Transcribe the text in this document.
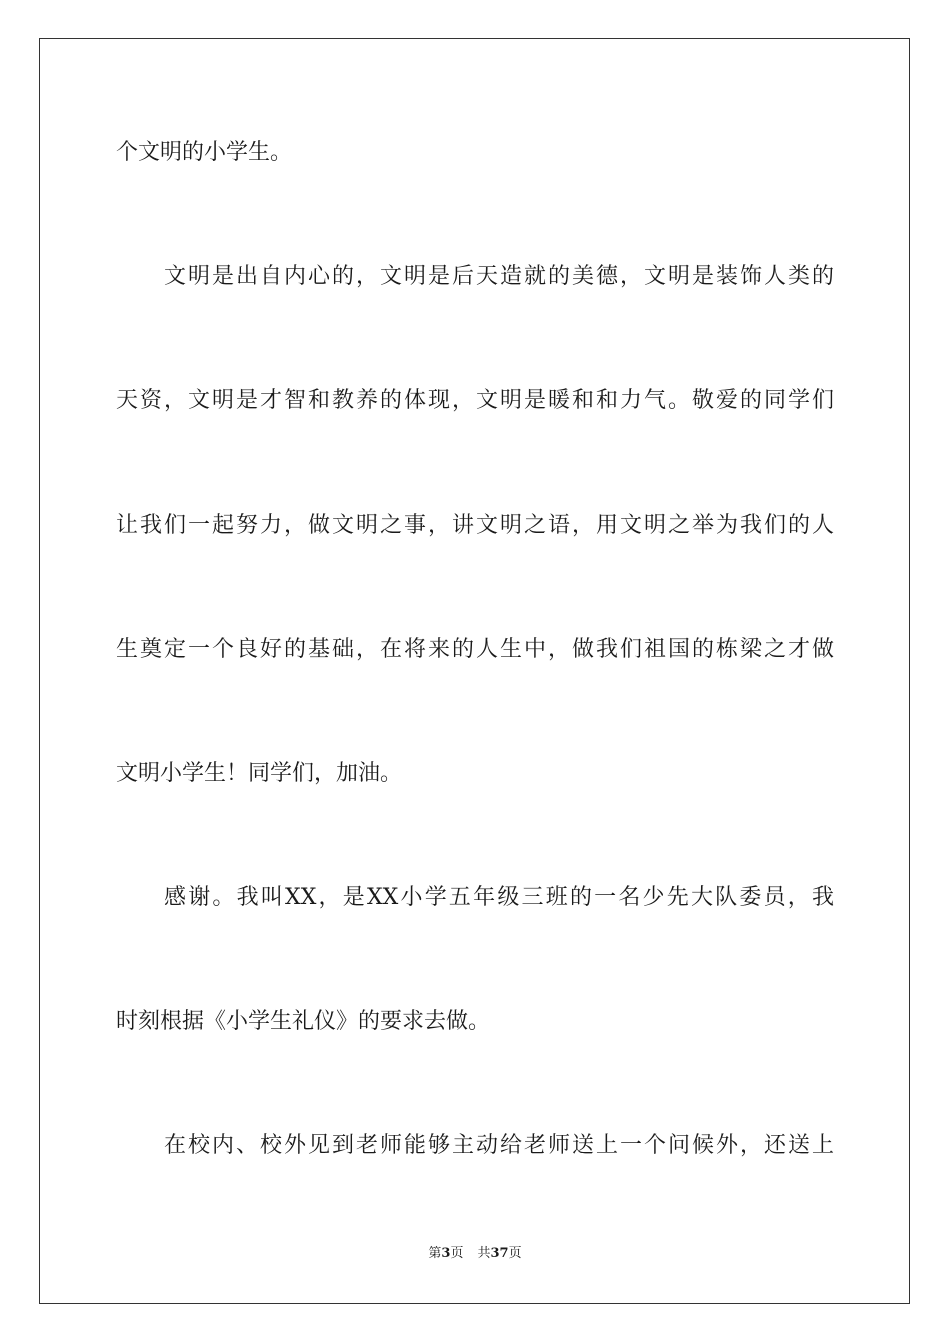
个文明的小学生。
文明是出自内心的，文明是后天造就的美德，文明是装饰人类的
天资，文明是才智和教养的体现，文明是暖和和力气。敬爱的同学们
让我们一起努力，做文明之事，讲文明之语，用文明之举为我们的人
生奠定一个良好的基础，在将来的人生中，做我们祖国的栋梁之才做
文明小学生！同学们，加油。
感谢。我叫XX，是XX小学五年级三班的一名少先大队委员，我
时刻根据《小学生礼仪》的要求去做。
在校内、校外见到老师能够主动给老师送上一个问候外，还送上
第3页 共37页
